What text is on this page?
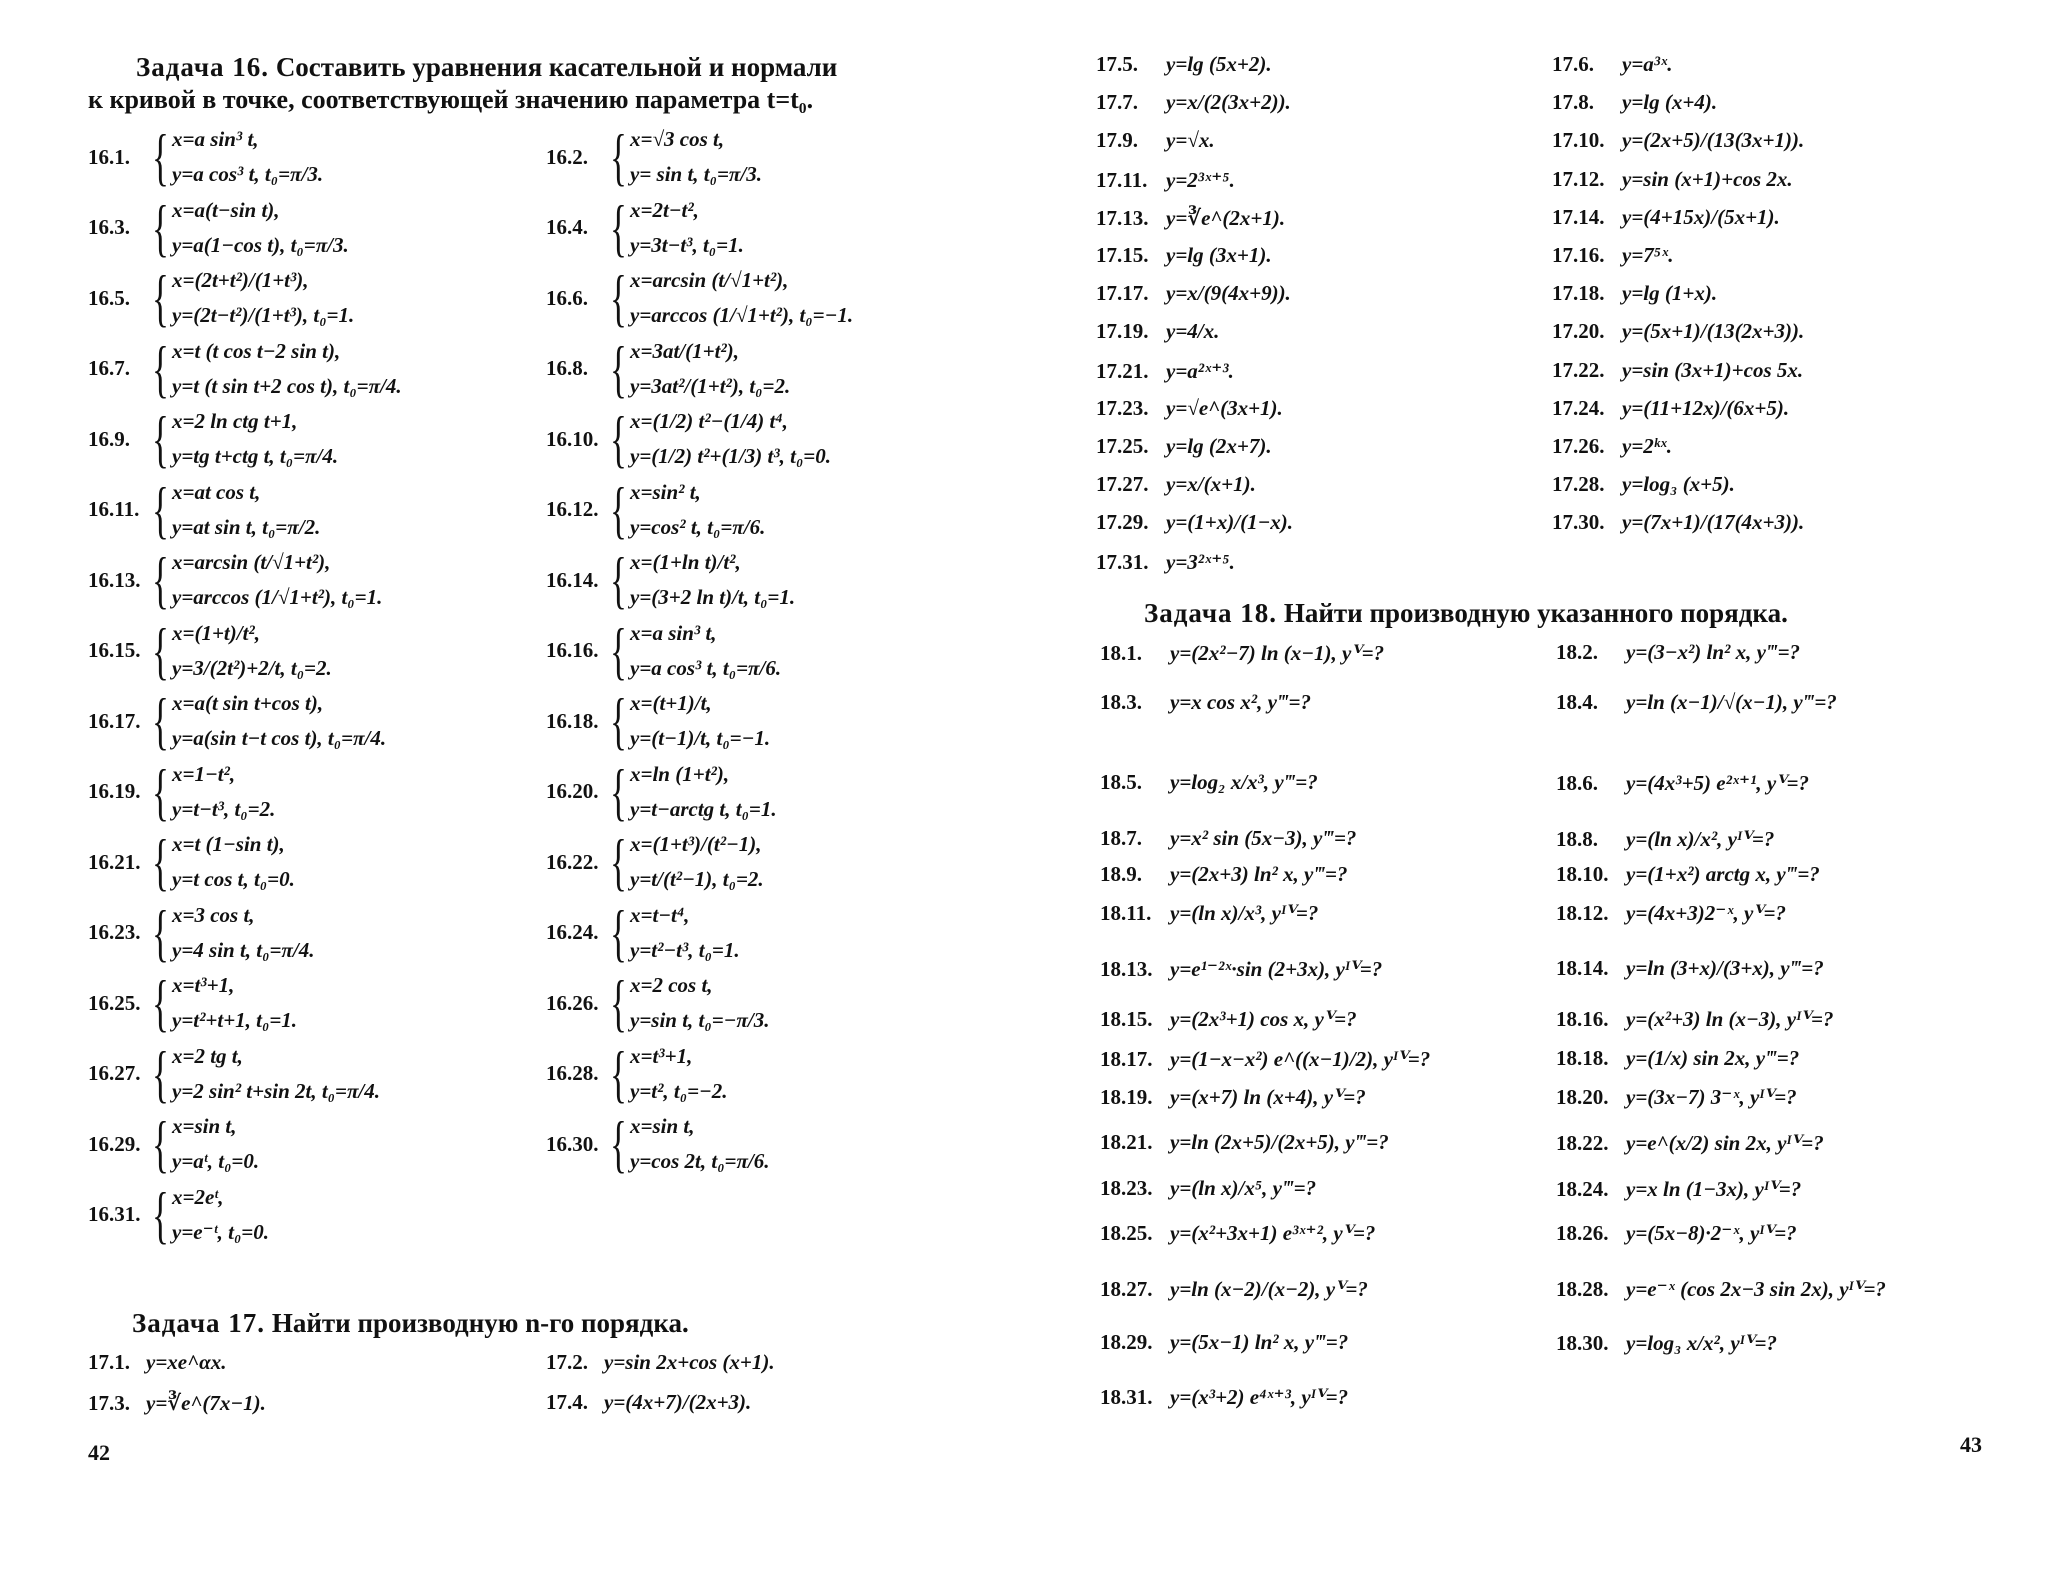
Задача 16. Составить уравнения касательной и нормали
к кривой в точке, соответствующей значению параметра t=t₀.
16.1. { x=a sin³ t,
y=a cos³ t, t₀=π/3.
16.2. { x=√3 cos t,
y= sin t, t₀=π/3.
16.3. { x=a(t−sin t),
y=a(1−cos t), t₀=π/3.
16.4. { x=2t−t²,
y=3t−t³, t₀=1.
16.5. { x=(2t+t²)/(1+t³),
y=(2t−t²)/(1+t³), t₀=1.
16.6. { x=arcsin (t/√1+t²),
y=arccos (1/√1+t²), t₀=−1.
16.7. { x=t (t cos t−2 sin t),
y=t (t sin t+2 cos t), t₀=π/4.
16.8. { x=3at/(1+t²),
y=3at²/(1+t²), t₀=2.
16.9. { x=2 ln ctg t+1,
y=tg t+ctg t, t₀=π/4.
16.10. { x=(1/2) t²−(1/4) t⁴,
y=(1/2) t²+(1/3) t³, t₀=0.
16.11. { x=at cos t,
y=at sin t, t₀=π/2.
16.12. { x=sin² t,
y=cos² t, t₀=π/6.
16.13. { x=arcsin (t/√1+t²),
y=arccos (1/√1+t²), t₀=1.
16.14. { x=(1+ln t)/t²,
y=(3+2 ln t)/t, t₀=1.
16.15. { x=(1+t)/t²,
y=3/(2t²)+2/t, t₀=2.
16.16. { x=a sin³ t,
y=a cos³ t, t₀=π/6.
16.17. { x=a(t sin t+cos t),
y=a(sin t−t cos t), t₀=π/4.
16.18. { x=(t+1)/t,
y=(t−1)/t, t₀=−1.
16.19. { x=1−t²,
y=t−t³, t₀=2.
16.20. { x=ln (1+t²),
y=t−arctg t, t₀=1.
16.21. { x=t (1−sin t),
y=t cos t, t₀=0.
16.22. { x=(1+t³)/(t²−1),
y=t/(t²−1), t₀=2.
16.23. { x=3 cos t,
y=4 sin t, t₀=π/4.
16.24. { x=t−t⁴,
y=t²−t³, t₀=1.
16.25. { x=t³+1,
y=t²+t+1, t₀=1.
16.26. { x=2 cos t,
y=sin t, t₀=−π/3.
16.27. { x=2 tg t,
y=2 sin² t+sin 2t, t₀=π/4.
16.28. { x=t³+1,
y=t², t₀=−2.
16.29. { x=sin t,
y=aᵗ, t₀=0.
16.30. { x=sin t,
y=cos 2t, t₀=π/6.
16.31. { x=2eᵗ,
y=e⁻ᵗ, t₀=0.
Задача 17. Найти производную n-го порядка.
17.1. y=xe^αx.	17.2. y=sin 2x+cos (x+1).
17.3. y=∛e^(7x−1).	17.4. y=(4x+7)/(2x+3).
42
17.5. y=lg (5x+2).	17.6. y=a³ˣ.
17.7. y=x/(2(3x+2)).	17.8. y=lg (x+4).
17.9. y=√x.	17.10. y=(2x+5)/(13(3x+1)).
17.11. y=2³ˣ⁺⁵.	17.12. y=sin (x+1)+cos 2x.
17.13. y=∛e^(2x+1).	17.14. y=(4+15x)/(5x+1).
17.15. y=lg (3x+1).	17.16. y=7⁵ˣ.
17.17. y=x/(9(4x+9)).	17.18. y=lg (1+x).
17.19. y=4/x.	17.20. y=(5x+1)/(13(2x+3)).
17.21. y=a²ˣ⁺³.	17.22. y=sin (3x+1)+cos 5x.
17.23. y=√e^(3x+1).	17.24. y=(11+12x)/(6x+5).
17.25. y=lg (2x+7).	17.26. y=2ᵏˣ.
17.27. y=x/(x+1).	17.28. y=log₃ (x+5).
17.29. y=(1+x)/(1−x).	17.30. y=(7x+1)/(17(4x+3)).
17.31. y=3²ˣ⁺⁵.
Задача 18. Найти производную указанного порядка.
18.1. y=(2x²−7) ln (x−1), yⱽ=?	18.2. y=(3−x²) ln² x, y‴=?
18.3. y=x cos x², y‴=?	18.4. y=ln (x−1)/√(x−1), y‴=?
18.5. y=log₂ x/x³, y‴=?	18.6. y=(4x³+5) e²ˣ⁺¹, yⱽ=?
18.7. y=x² sin (5x−3), y‴=?	18.8. y=(ln x)/x², yᴵⱽ=?
18.9. y=(2x+3) ln² x, y‴=?	18.10. y=(1+x²) arctg x, y‴=?
18.11. y=(ln x)/x³, yᴵⱽ=?	18.12. y=(4x+3)2⁻ˣ, yⱽ=?
18.13. y=e¹⁻²ˣ·sin (2+3x), yᴵⱽ=?	18.14. y=ln (3+x)/(3+x), y‴=?
18.15. y=(2x³+1) cos x, yⱽ=?	18.16. y=(x²+3) ln (x−3), yᴵⱽ=?
18.17. y=(1−x−x²) e^((x−1)/2), yᴵⱽ=?	18.18. y=(1/x) sin 2x, y‴=?
18.19. y=(x+7) ln (x+4), yⱽ=?	18.20. y=(3x−7) 3⁻ˣ, yᴵⱽ=?
18.21. y=ln (2x+5)/(2x+5), y‴=?	18.22. y=e^(x/2) sin 2x, yᴵⱽ=?
18.23. y=(ln x)/x⁵, y‴=?	18.24. y=x ln (1−3x), yᴵⱽ=?
18.25. y=(x²+3x+1) e³ˣ⁺², yⱽ=?	18.26. y=(5x−8)·2⁻ˣ, yᴵⱽ=?
18.27. y=ln (x−2)/(x−2), yⱽ=?	18.28. y=e⁻ˣ (cos 2x−3 sin 2x), yᴵⱽ=?
18.29. y=(5x−1) ln² x, y‴=?	18.30. y=log₃ x/x², yᴵⱽ=?
18.31. y=(x³+2) e⁴ˣ⁺³, yᴵⱽ=?
43
